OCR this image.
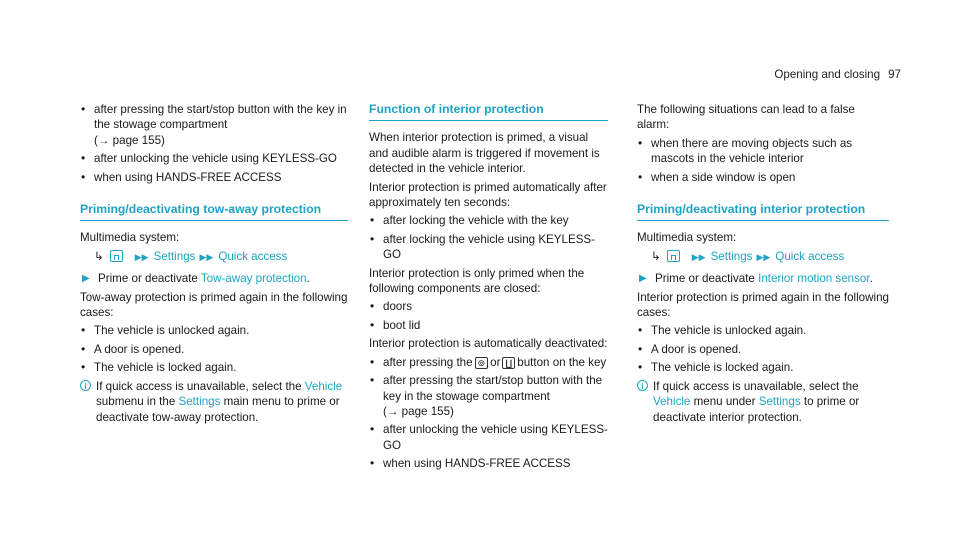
Opening and closing 97
• after pressing the start/stop button with the key in the stowage compartment
(→ page 155)
• after unlocking the vehicle using KEYLESS-GO
• when using HANDS-FREE ACCESS
Priming/deactivating tow-away protection

Multimedia system:

↳	▶▶ Settings ▶▶ Quick access
▶ Prime or deactivate Tow-away protection.

Tow-away protection is primed again in the following cases:

• The vehicle is unlocked again.
• A door is opened.
• The vehicle is locked again.
i If quick access is unavailable, select the Vehicle submenu in the Settings main menu to prime or deactivate tow-away protection.
Function of interior protection

When interior protection is primed, a visual and audible alarm is triggered if movement is detected in the vehicle interior.

Interior protection is primed automatically after approximately ten seconds:

• after locking the vehicle with the key
• after locking the vehicle using KEYLESS-GO

Interior protection is only primed when the following components are closed:

• doors
• boot lid

Interior protection is automatically deactivated:

• after pressing the ⊚ or ∐ button on the key
• after pressing the start/stop button with the key in the stowage compartment
(→ page 155)
• after unlocking the vehicle using KEYLESS-GO
• when using HANDS-FREE ACCESS

The following situations can lead to a false alarm:

• when there are moving objects such as mascots in the vehicle interior
• when a side window is open
Priming/deactivating interior protection

Multimedia system:

↳	▶▶ Settings ▶▶ Quick access
▶ Prime or deactivate Interior motion sensor.

Interior protection is primed again in the following cases:

• The vehicle is unlocked again.
• A door is opened.
• The vehicle is locked again.
i If quick access is unavailable, select the Vehicle menu under Settings to prime or deactivate interior protection.
